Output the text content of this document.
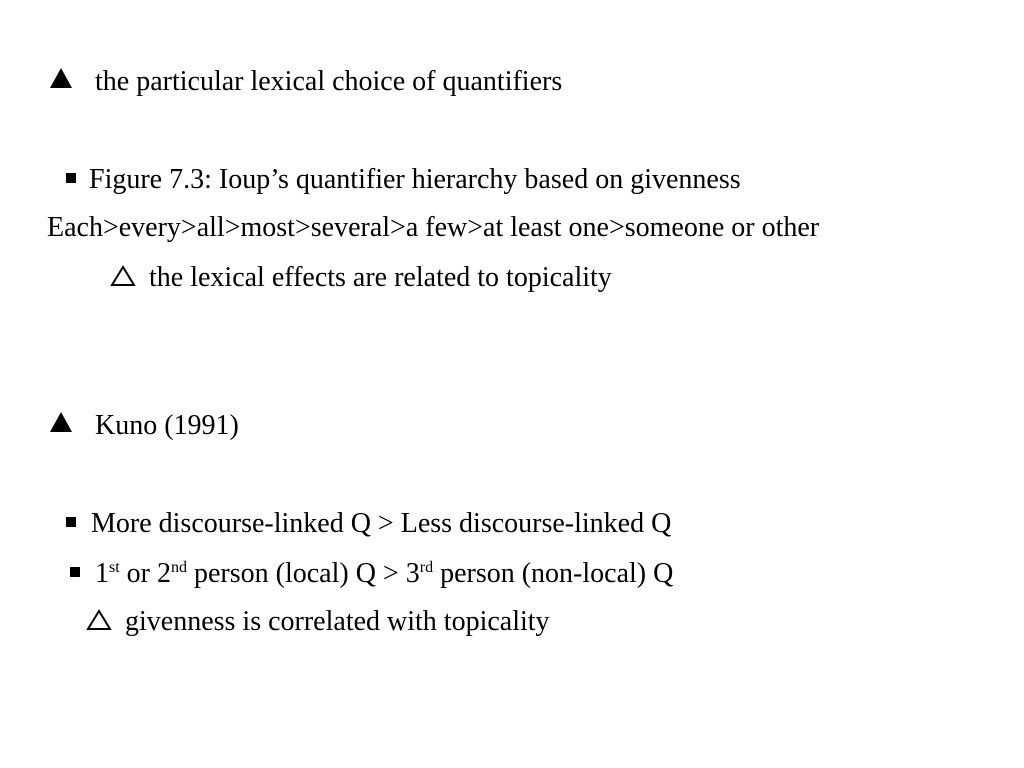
the particular lexical choice of quantifiers
Figure 7.3: Ioup’s quantifier hierarchy based on givenness
Each>every>all>most>several>a few>at least one>someone or other
the lexical effects are related to topicality
Kuno (1991)
More discourse-linked Q > Less discourse-linked Q
1st or 2nd person (local) Q > 3rd person (non-local) Q
givenness is correlated with topicality
